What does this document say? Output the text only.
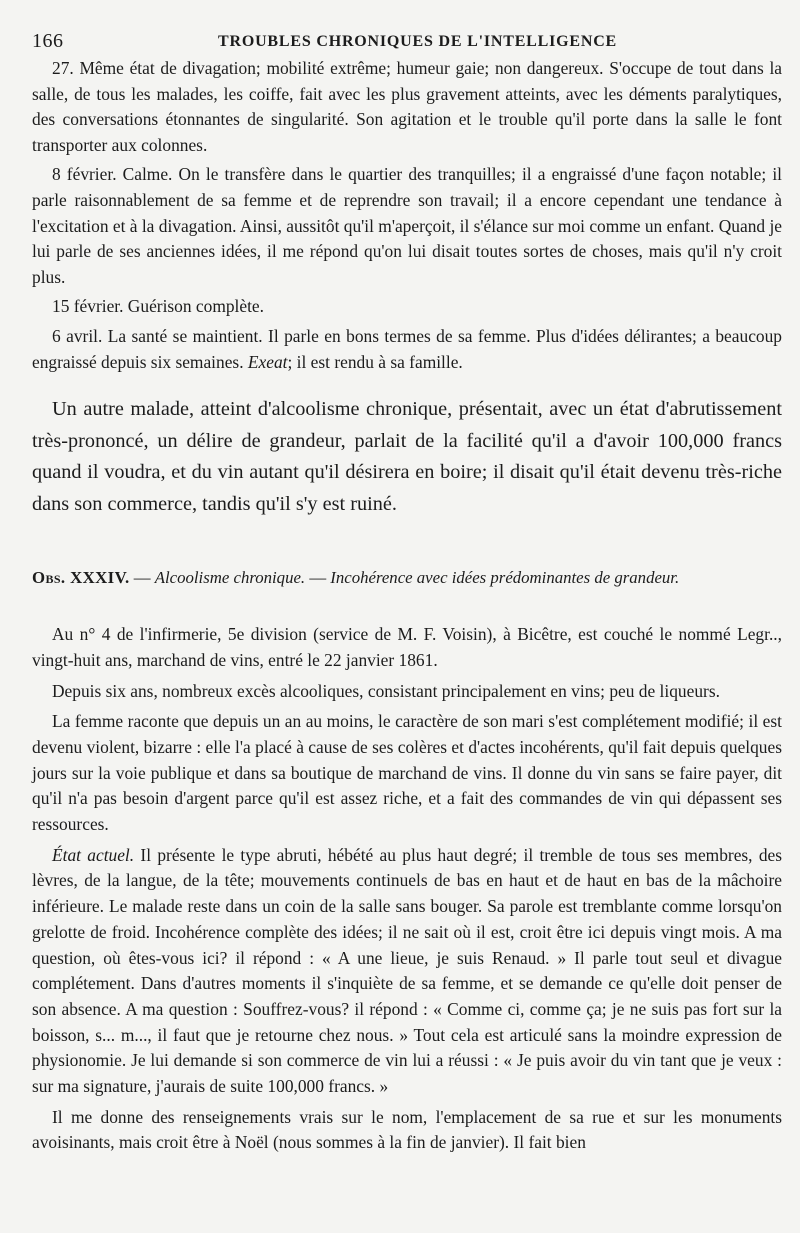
166	TROUBLES CHRONIQUES DE L'INTELLIGENCE

27. Même état de divagation; mobilité extrême; humeur gaie; non dangereux. S'occupe de tout dans la salle, de tous les malades, les coiffe, fait avec les plus gravement atteints, avec les déments paralytiques, des conversations étonnantes de singularité. Son agitation et le trouble qu'il porte dans la salle le font transporter aux colonnes.

8 février. Calme. On le transfère dans le quartier des tranquilles; il a engraissé d'une façon notable; il parle raisonnablement de sa femme et de reprendre son travail; il a encore cependant une tendance à l'excitation et à la divagation. Ainsi, aussitôt qu'il m'aperçoit, il s'élance sur moi comme un enfant. Quand je lui parle de ses anciennes idées, il me répond qu'on lui disait toutes sortes de choses, mais qu'il n'y croit plus.

15 février. Guérison complète.

6 avril. La santé se maintient. Il parle en bons termes de sa femme. Plus d'idées délirantes; a beaucoup engraissé depuis six semaines. Exeat; il est rendu à sa famille.

Un autre malade, atteint d'alcoolisme chronique, présentait, avec un état d'abrutissement très-prononcé, un délire de grandeur, parlait de la facilité qu'il a d'avoir 100,000 francs quand il voudra, et du vin autant qu'il désirera en boire; il disait qu'il était devenu très-riche dans son commerce, tandis qu'il s'y est ruiné.

Obs. XXXIV. — Alcoolisme chronique. — Incohérence avec idées prédominantes de grandeur.

Au n° 4 de l'infirmerie, 5e division (service de M. F. Voisin), à Bicêtre, est couché le nommé Legr.., vingt-huit ans, marchand de vins, entré le 22 janvier 1861.

Depuis six ans, nombreux excès alcooliques, consistant principalement en vins; peu de liqueurs.

La femme raconte que depuis un an au moins, le caractère de son mari s'est complétement modifié; il est devenu violent, bizarre : elle l'a placé à cause de ses colères et d'actes incohérents, qu'il fait depuis quelques jours sur la voie publique et dans sa boutique de marchand de vins. Il donne du vin sans se faire payer, dit qu'il n'a pas besoin d'argent parce qu'il est assez riche, et a fait des commandes de vin qui dépassent ses ressources.

État actuel. Il présente le type abruti, hébété au plus haut degré; il tremble de tous ses membres, des lèvres, de la langue, de la tête; mouvements continuels de bas en haut et de haut en bas de la mâchoire inférieure. Le malade reste dans un coin de la salle sans bouger. Sa parole est tremblante comme lorsqu'on grelotte de froid. Incohérence complète des idées; il ne sait où il est, croit être ici depuis vingt mois. A ma question, où êtes-vous ici? il répond : « A une lieue, je suis Renaud. » Il parle tout seul et divague complétement. Dans d'autres moments il s'inquiète de sa femme, et se demande ce qu'elle doit penser de son absence. A ma question : Souffrez-vous? il répond : « Comme ci, comme ça; je ne suis pas fort sur la boisson, s... m..., il faut que je retourne chez nous. » Tout cela est articulé sans la moindre expression de physionomie. Je lui demande si son commerce de vin lui a réussi : « Je puis avoir du vin tant que je veux : sur ma signature, j'aurais de suite 100,000 francs. »

Il me donne des renseignements vrais sur le nom, l'emplacement de sa rue et sur les monuments avoisinants, mais croit être à Noël (nous sommes à la fin de janvier). Il fait bien
